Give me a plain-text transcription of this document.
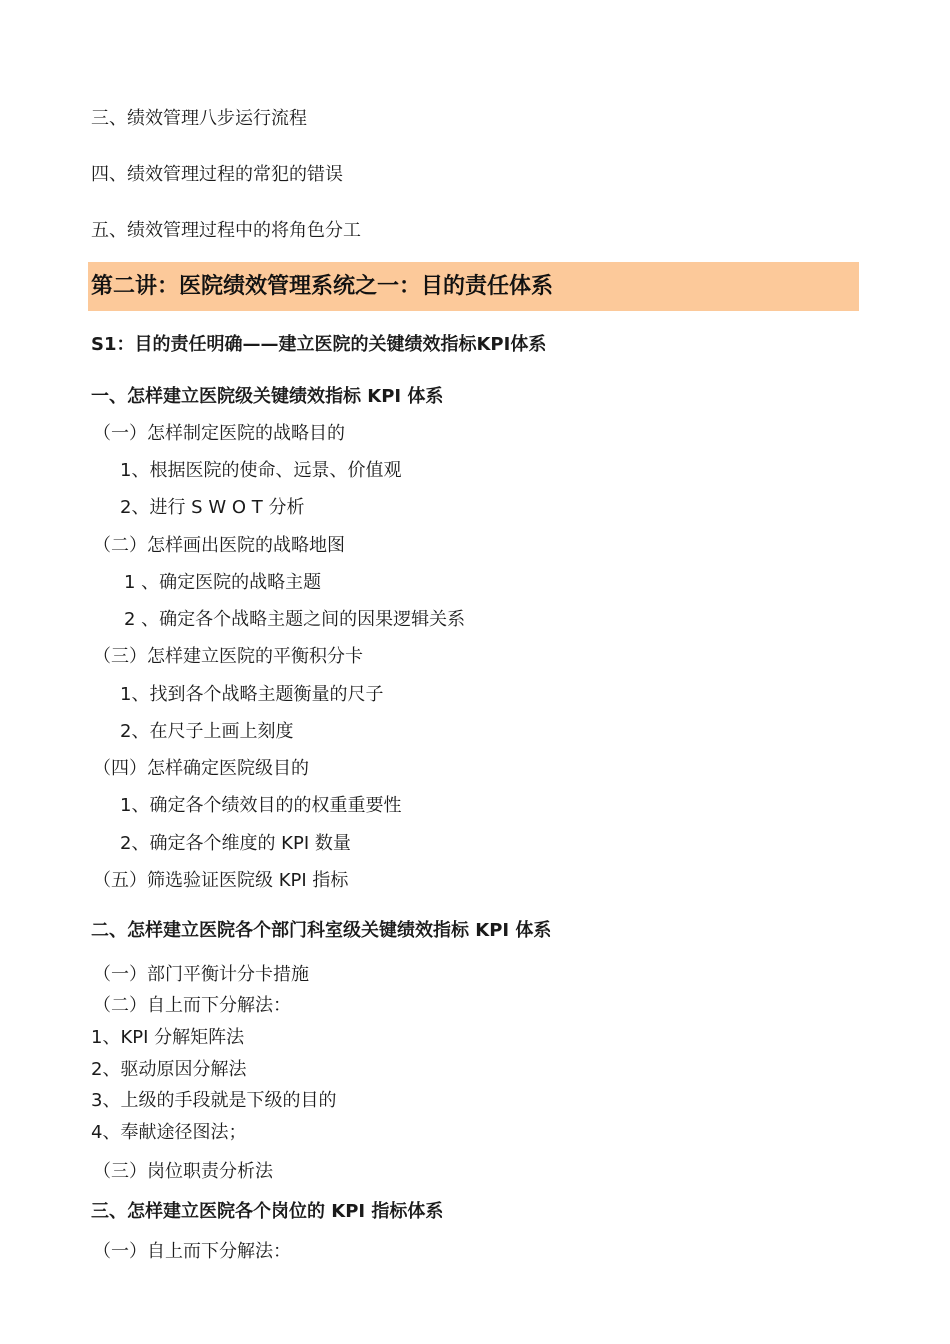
三、绩效管理八步运行流程
四、绩效管理过程的常犯的错误
五、绩效管理过程中的将角色分工
第二讲：医院绩效管理系统之一：目的责任体系
S1：目的责任明确——建立医院的关键绩效指标KPI体系
一、怎样建立医院级关键绩效指标 KPI 体系
（一）怎样制定医院的战略目的
1、根据医院的使命、远景、价值观
2、进行 S W O T 分析
（二）怎样画出医院的战略地图
1 、确定医院的战略主题
2 、确定各个战略主题之间的因果逻辑关系
（三）怎样建立医院的平衡积分卡
1、找到各个战略主题衡量的尺子
2、在尺子上画上刻度
（四）怎样确定医院级目的
1、确定各个绩效目的的权重重要性
2、确定各个维度的 KPI 数量
（五）筛选验证医院级 KPI 指标
二、怎样建立医院各个部门科室级关键绩效指标 KPI 体系
（一）部门平衡计分卡措施
（二）自上而下分解法：
1、KPI 分解矩阵法
2、驱动原因分解法
3、上级的手段就是下级的目的
4、奉献途径图法；
（三）岗位职责分析法
三、怎样建立医院各个岗位的 KPI 指标体系
（一）自上而下分解法：
